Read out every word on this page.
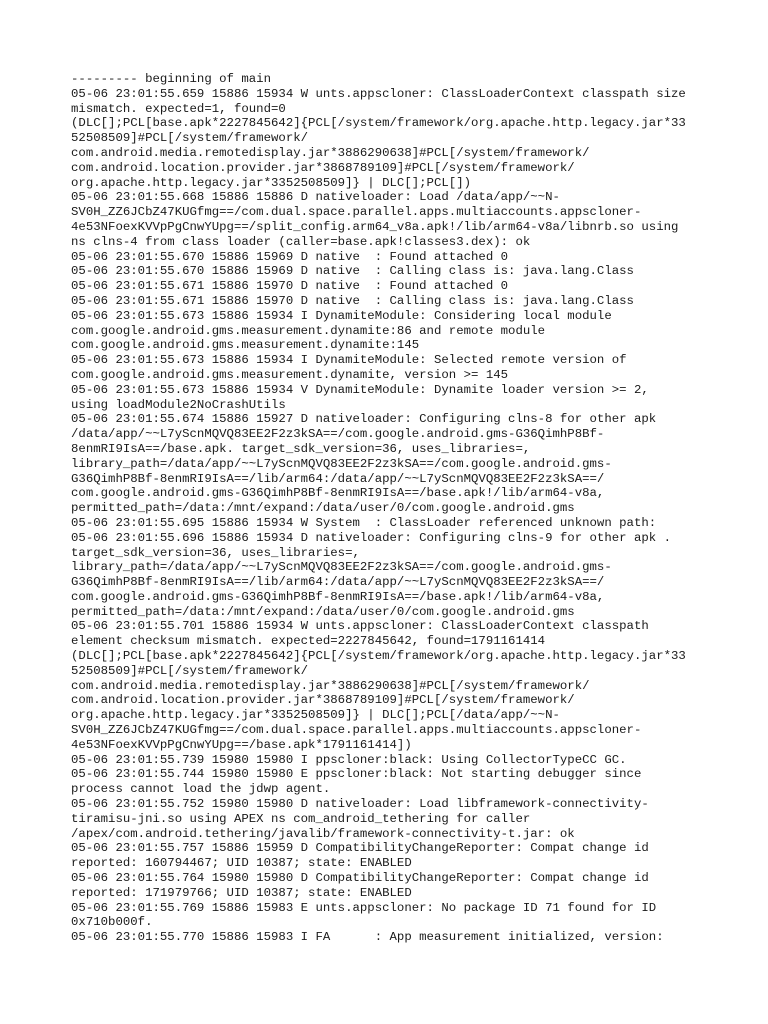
--------- beginning of main
05-06 23:01:55.659 15886 15934 W unts.appscloner: ClassLoaderContext classpath size
mismatch. expected=1, found=0
(DLC[];PCL[base.apk*2227845642]{PCL[/system/framework/org.apache.http.legacy.jar*33
52508509]#PCL[/system/framework/
com.android.media.remotedisplay.jar*3886290638]#PCL[/system/framework/
com.android.location.provider.jar*3868789109]#PCL[/system/framework/
org.apache.http.legacy.jar*3352508509]} | DLC[];PCL[])
05-06 23:01:55.668 15886 15886 D nativeloader: Load /data/app/~~N-
SV0H_ZZ6JCbZ47KUGfmg==/com.dual.space.parallel.apps.multiaccounts.appscloner-
4e53NFoexKVVpPgCnwYUpg==/split_config.arm64_v8a.apk!/lib/arm64-v8a/libnrb.so using
ns clns-4 from class loader (caller=base.apk!classes3.dex): ok
05-06 23:01:55.670 15886 15969 D native  : Found attached 0
05-06 23:01:55.670 15886 15969 D native  : Calling class is: java.lang.Class
05-06 23:01:55.671 15886 15970 D native  : Found attached 0
05-06 23:01:55.671 15886 15970 D native  : Calling class is: java.lang.Class
05-06 23:01:55.673 15886 15934 I DynamiteModule: Considering local module
com.google.android.gms.measurement.dynamite:86 and remote module
com.google.android.gms.measurement.dynamite:145
05-06 23:01:55.673 15886 15934 I DynamiteModule: Selected remote version of
com.google.android.gms.measurement.dynamite, version >= 145
05-06 23:01:55.673 15886 15934 V DynamiteModule: Dynamite loader version >= 2,
using loadModule2NoCrashUtils
05-06 23:01:55.674 15886 15927 D nativeloader: Configuring clns-8 for other apk
/data/app/~~L7yScnMQVQ83EE2F2z3kSA==/com.google.android.gms-G36QimhP8Bf-
8enmRI9IsA==/base.apk. target_sdk_version=36, uses_libraries=,
library_path=/data/app/~~L7yScnMQVQ83EE2F2z3kSA==/com.google.android.gms-
G36QimhP8Bf-8enmRI9IsA==/lib/arm64:/data/app/~~L7yScnMQVQ83EE2F2z3kSA==/
com.google.android.gms-G36QimhP8Bf-8enmRI9IsA==/base.apk!/lib/arm64-v8a,
permitted_path=/data:/mnt/expand:/data/user/0/com.google.android.gms
05-06 23:01:55.695 15886 15934 W System  : ClassLoader referenced unknown path:
05-06 23:01:55.696 15886 15934 D nativeloader: Configuring clns-9 for other apk .
target_sdk_version=36, uses_libraries=,
library_path=/data/app/~~L7yScnMQVQ83EE2F2z3kSA==/com.google.android.gms-
G36QimhP8Bf-8enmRI9IsA==/lib/arm64:/data/app/~~L7yScnMQVQ83EE2F2z3kSA==/
com.google.android.gms-G36QimhP8Bf-8enmRI9IsA==/base.apk!/lib/arm64-v8a,
permitted_path=/data:/mnt/expand:/data/user/0/com.google.android.gms
05-06 23:01:55.701 15886 15934 W unts.appscloner: ClassLoaderContext classpath
element checksum mismatch. expected=2227845642, found=1791161414
(DLC[];PCL[base.apk*2227845642]{PCL[/system/framework/org.apache.http.legacy.jar*33
52508509]#PCL[/system/framework/
com.android.media.remotedisplay.jar*3886290638]#PCL[/system/framework/
com.android.location.provider.jar*3868789109]#PCL[/system/framework/
org.apache.http.legacy.jar*3352508509]} | DLC[];PCL[/data/app/~~N-
SV0H_ZZ6JCbZ47KUGfmg==/com.dual.space.parallel.apps.multiaccounts.appscloner-
4e53NFoexKVVpPgCnwYUpg==/base.apk*1791161414])
05-06 23:01:55.739 15980 15980 I ppscloner:black: Using CollectorTypeCC GC.
05-06 23:01:55.744 15980 15980 E ppscloner:black: Not starting debugger since
process cannot load the jdwp agent.
05-06 23:01:55.752 15980 15980 D nativeloader: Load libframework-connectivity-
tiramisu-jni.so using APEX ns com_android_tethering for caller
/apex/com.android.tethering/javalib/framework-connectivity-t.jar: ok
05-06 23:01:55.757 15886 15959 D CompatibilityChangeReporter: Compat change id
reported: 160794467; UID 10387; state: ENABLED
05-06 23:01:55.764 15980 15980 D CompatibilityChangeReporter: Compat change id
reported: 171979766; UID 10387; state: ENABLED
05-06 23:01:55.769 15886 15983 E unts.appscloner: No package ID 71 found for ID
0x710b000f.
05-06 23:01:55.770 15886 15983 I FA      : App measurement initialized, version:
